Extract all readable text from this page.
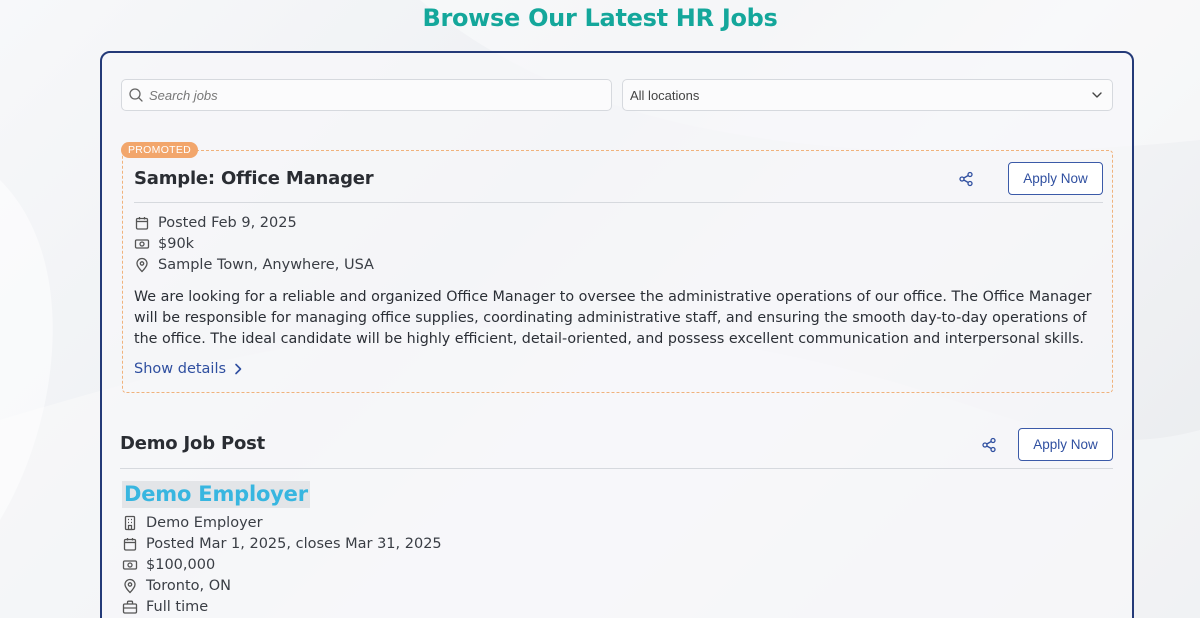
Browse Our Latest HR Jobs
Search jobs
All locations
PROMOTED
Sample: Office Manager	Apply Now
Posted Feb 9, 2025
$90k
Sample Town, Anywhere, USA

We are looking for a reliable and organized Office Manager to oversee the administrative operations of our office. The Office Manager will be responsible for managing office supplies, coordinating administrative staff, and ensuring the smooth day-to-day operations of the office. The ideal candidate will be highly efficient, detail-oriented, and possess excellent communication and interpersonal skills.

Show details
Demo Job Post	Apply Now
Demo Employer
Demo Employer
Posted Mar 1, 2025, closes Mar 31, 2025
$100,000
Toronto, ON
Full time
